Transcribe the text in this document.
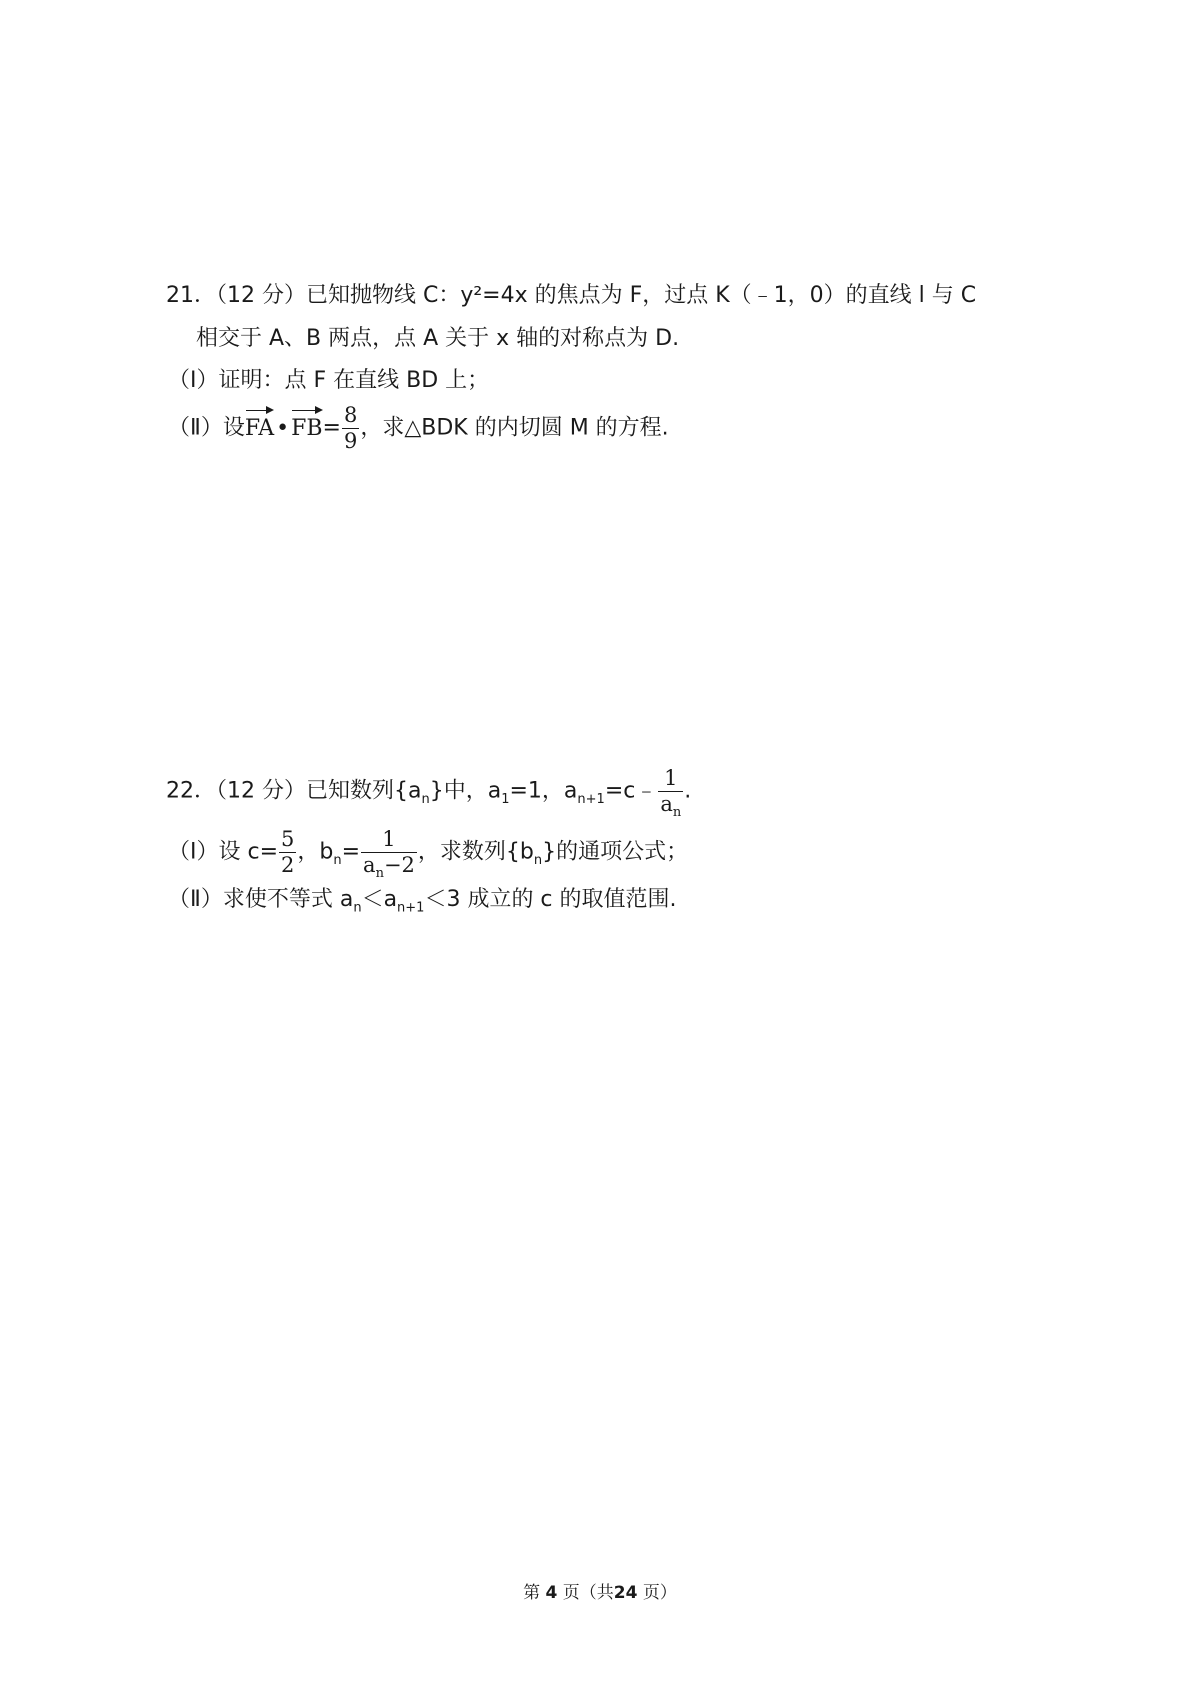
21．（12 分）已知抛物线 C：y²=4x 的焦点为 F，过点 K（﹣1，0）的直线 l 与 C
相交于 A、B 两点，点 A 关于 x 轴的对称点为 D.
（Ⅰ）证明：点 F 在直线 BD 上；
（Ⅱ）设FA•FB= $\frac{8}{9}$ ，求△BDK 的内切圆 M 的方程.
22．（12 分）已知数列$\{a_n\}$中，$a_1=1$，$a_{n+1}=c﹣ \frac{1}{a_n}$ .
（Ⅰ）设 $c= \frac{5}{2}$ ，$b_n= \frac{1}{a_n-2}$ ，求数列$\{b_n\}$的通项公式；
（Ⅱ）求使不等式 $a_n<a_{n+1}<3$ 成立的 c 的取值范围.
第 4 页（共24 页）
